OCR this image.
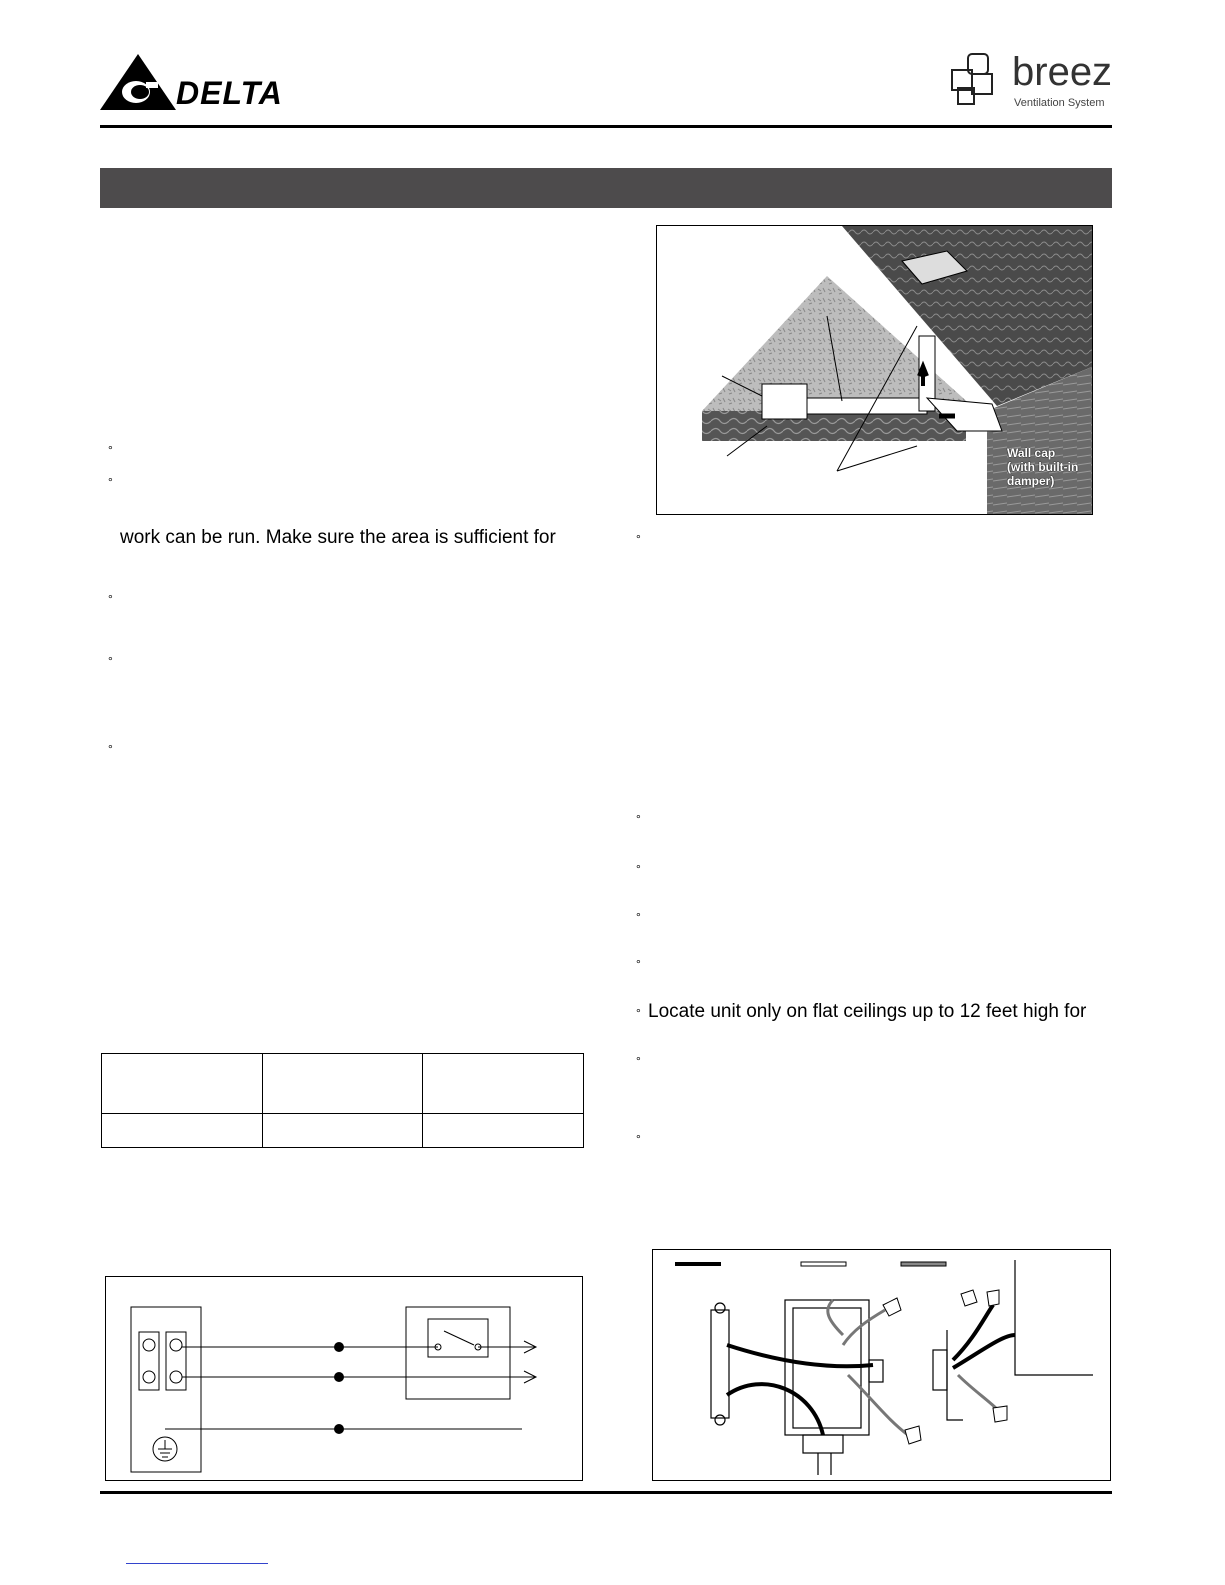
DELTA	breez
Ventilation System
°
°
work can be run. Make sure the area is sufficient for
°
°
°
Wall cap
(with built-in
damper)
°
°
°
°
°
° Locate unit only on flat ceilings up to 12 feet high for
°
°
